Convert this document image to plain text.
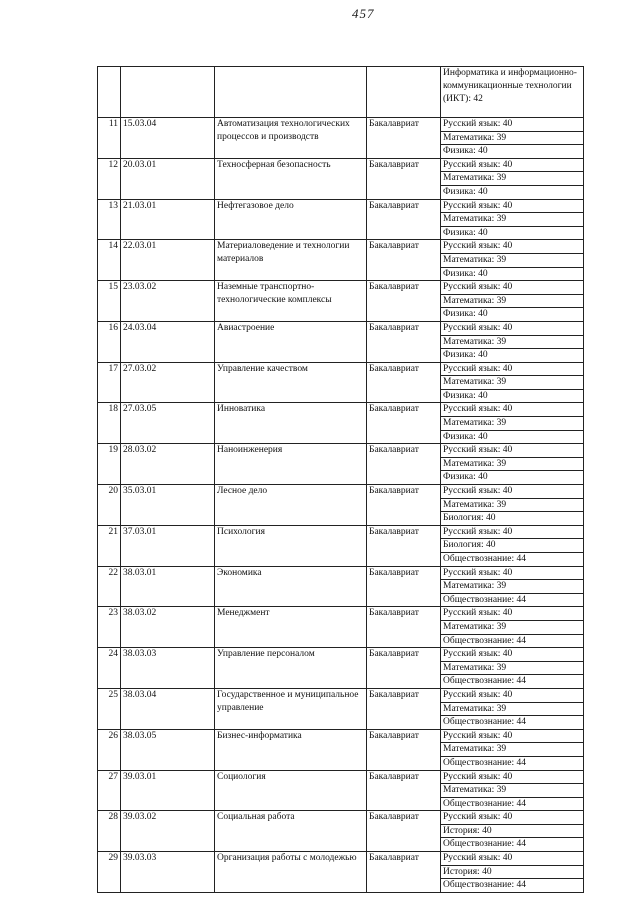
457
				Информатика и информационно-коммуникационные технологии (ИКТ): 42
11	15.03.04	Автоматизация технологических процессов и производств	Бакалавриат	Русский язык: 40
				Математика: 39
				Физика: 40
12	20.03.01	Техносферная безопасность	Бакалавриат	Русский язык: 40
				Математика: 39
				Физика: 40
13	21.03.01	Нефтегазовое дело	Бакалавриат	Русский язык: 40
				Математика: 39
				Физика: 40
14	22.03.01	Материаловедение и технологии материалов	Бакалавриат	Русский язык: 40
				Математика: 39
				Физика: 40
15	23.03.02	Наземные транспортно-технологические комплексы	Бакалавриат	Русский язык: 40
				Математика: 39
				Физика: 40
16	24.03.04	Авиастроение	Бакалавриат	Русский язык: 40
				Математика: 39
				Физика: 40
17	27.03.02	Управление качеством	Бакалавриат	Русский язык: 40
				Математика: 39
				Физика: 40
18	27.03.05	Инноватика	Бакалавриат	Русский язык: 40
				Математика: 39
				Физика: 40
19	28.03.02	Наноинженерия	Бакалавриат	Русский язык: 40
				Математика: 39
				Физика: 40
20	35.03.01	Лесное дело	Бакалавриат	Русский язык: 40
				Математика: 39
				Биология: 40
21	37.03.01	Психология	Бакалавриат	Русский язык: 40
				Биология: 40
				Обществознание: 44
22	38.03.01	Экономика	Бакалавриат	Русский язык: 40
				Математика: 39
				Обществознание: 44
23	38.03.02	Менеджмент	Бакалавриат	Русский язык: 40
				Математика: 39
				Обществознание: 44
24	38.03.03	Управление персоналом	Бакалавриат	Русский язык: 40
				Математика: 39
				Обществознание: 44
25	38.03.04	Государственное и муниципальное управление	Бакалавриат	Русский язык: 40
				Математика: 39
				Обществознание: 44
26	38.03.05	Бизнес-информатика	Бакалавриат	Русский язык: 40
				Математика: 39
				Обществознание: 44
27	39.03.01	Социология	Бакалавриат	Русский язык: 40
				Математика: 39
				Обществознание: 44
28	39.03.02	Социальная работа	Бакалавриат	Русский язык: 40
				История: 40
				Обществознание: 44
29	39.03.03	Организация работы с молодежью	Бакалавриат	Русский язык: 40
				История: 40
				Обществознание: 44
